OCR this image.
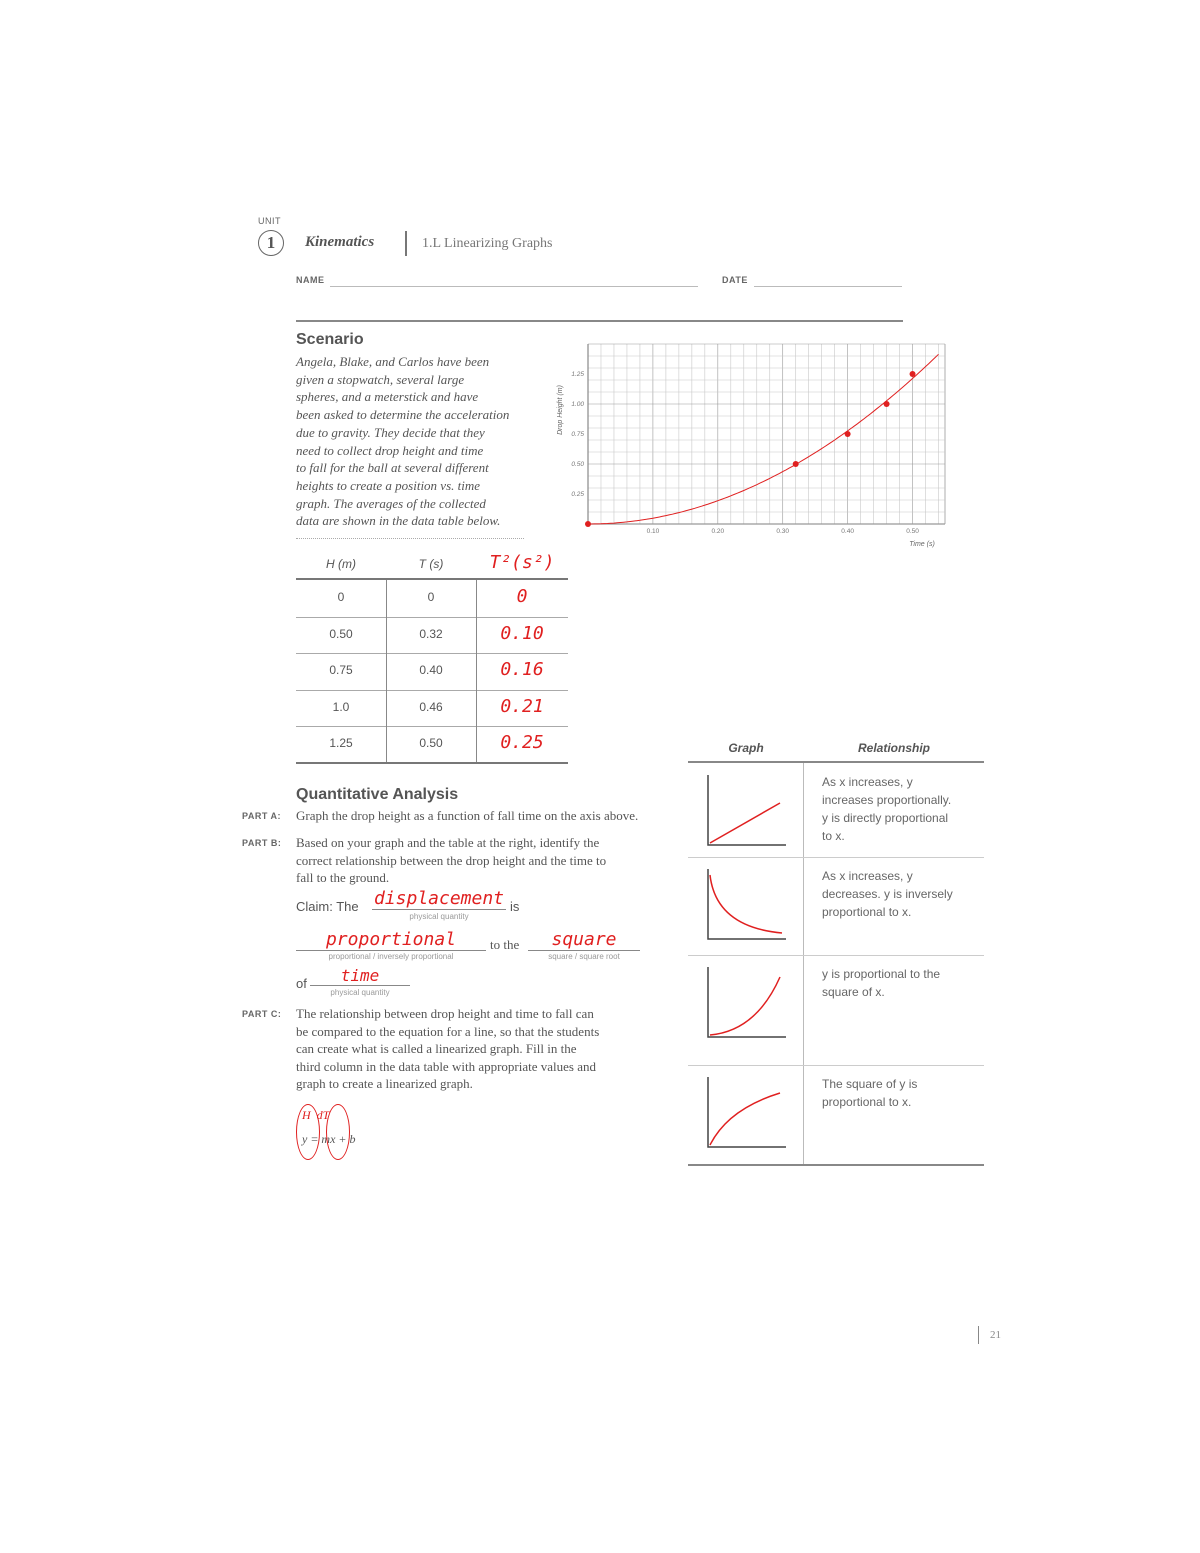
UNIT
1	Kinematics	1.L Linearizing Graphs
NAME	DATE
Scenario
Angela, Blake, and Carlos have been
given a stopwatch, several large
spheres, and a meterstick and have
been asked to determine the acceleration
due to gravity. They decide that they
need to collect drop height and time
to fall for the ball at several different
heights to create a position vs. time
graph. The averages of the collected
data are shown in the data table below.
0.25
0.50
0.75
1.00
1.25
0.10	0.20	0.30	0.40	0.50
Drop Height (m)
Time (s)
H (m)	T (s)	T²(s²)
0	0	0
0.50	0.32	0.10
0.75	0.40	0.16
1.0	0.46	0.21
1.25	0.50	0.25
Quantitative Analysis
PART A: Graph the drop height as a function of fall time on the axis above.
PART B: Based on your graph and the table at the right, identify the
correct relationship between the drop height and the time to
fall to the ground.
Claim: The displacement
physical quantity
is
proportional
proportional / inversely proportional
to the	square
square / square root
of	time
physical quantity
PART C: The relationship between drop height and time to fall can
be compared to the equation for a line, so that the students
can create what is called a linearized graph. Fill in the
third column in the data table with appropriate values and
graph to create a linearized graph.
H  dT
y = mx + b
Graph	Relationship
As x increases, y
increases proportionally.
y is directly proportional
to x.
As x increases, y
decreases. y is inversely
proportional to x.
y is proportional to the
square of x.
The square of y is
proportional to x.
21
